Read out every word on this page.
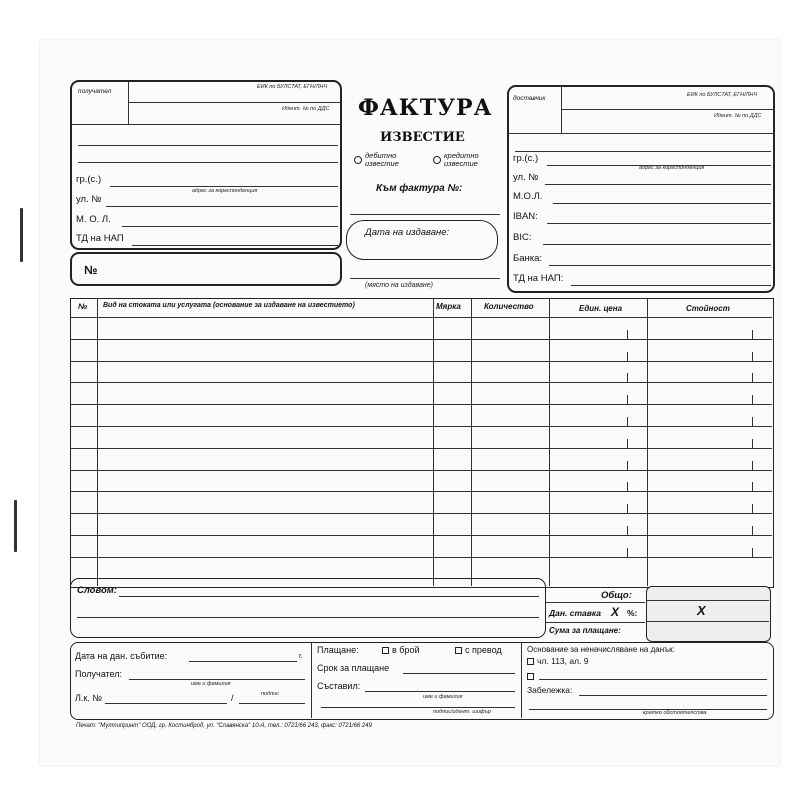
получател
ЕИК по БУЛСТАТ, ЕГН/ЛНЧ
Идент. № по ДДС
гр.(с.)
адрес за кореспонденция
ул. №
М. О. Л.
ТД на НАП
№
ФАКТУРА
ИЗВЕСТИЕ
дебитно известие
кредитно известие
Към фактура №:
Дата на издаване:
(място на издаване)
доставчик	ЕИК по БУЛСТАТ, ЕГН/ЛНЧ
Идент. № по ДДС
гр.(с.)
адрес за кореспонденция
ул. №
М.О.Л.
IBAN:
BIC:
Банка:
ТД на НАП:
№ Вид на стоката или услугата (основание за издаване на известието)	Мярка	Количество	Един. цена	Стойност
Словом:	Общо:
Дан. ставка X %:
Сума за плащане:
X
Дата на дан. събитие:	г.
Получател:
име и фамилия
Л.к. №	/	подпис
Плащане:	в брой	с превод
Срок за плащане
Съставил:
име и фамилия
подпис/идент. шифър
Основание за неначисляване на данък:
чл. 113, ал. 9
Забележка:
кратко обстоятелства
Печат: "Мултипринт" ООД, гр. Костинброд, ул. "Славянска" 10-А, тел.: 0721/66 243, факс: 0721/66 249
